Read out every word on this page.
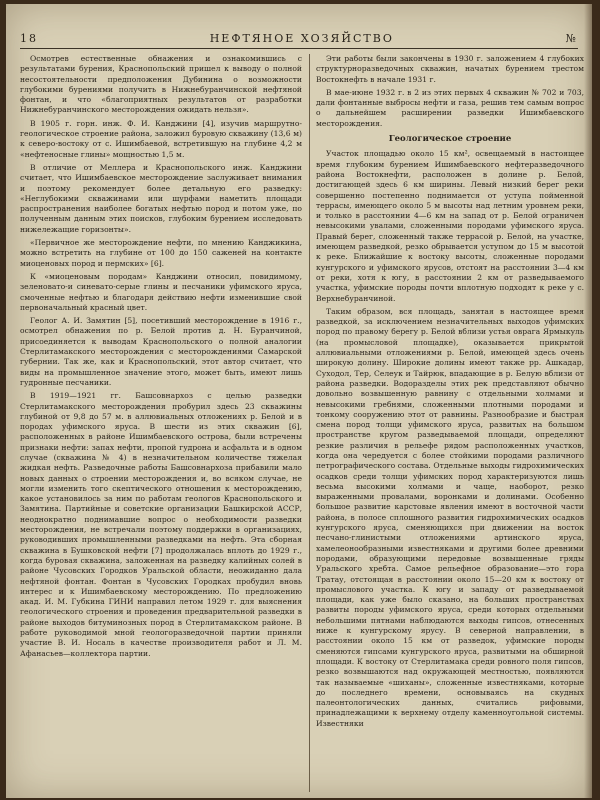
18	НЕФТЯНОЕ ХОЗЯЙСТВО	№

Осмотрев естественные обнажения и ознакомившись с результатами бурения, Краснопольский пришел к выводу о полной несостоятельности предположения Дубинина о возможности глубокими бурениями получить в Нижнебуранчинской нефтяной фонтан, и что «благоприятных результатов от разработки Нижнебуранчинского месторождения ожидать нельзя».

В 1905 г. горн. инж. Ф. И. Канджини [4], изучив маршрутно-геологическое строение района, заложил буровую скважину (13,6 м) к северо-востоку от с. Ишимбаевой, встретившую на глубине 4,2 м «нефтеносные глины» мощностью 1,5 м.

В отличие от Меллера и Краснопольского инж. Канджини считает, что Ишимбаевское месторождение заслуживает внимания и поэтому рекомендует более детальную его разведку: «Неглубокими скважинами или шурфами наметить площади распространения наиболее богатых нефтью пород и потом уже, по полученным данным этих поисков, глубоким бурением исследовать нижележащие горизонты».

«Первичное же месторождение нефти, по мнению Канджикина, можно встретить на глубине от 100 до 150 саженей на контакте миоценовых пород и пермских» [6].

К «миоценовым породам» Канджини относил, повидимому, зеленовато-и синевато-серые глины и песчаники уфимского яруса, смоченные нефтью и благодаря действию нефти изменившие свой первоначальный красный цвет.

Геолог А. И. Замятин [5], посетивший месторождение в 1916 г., осмотрел обнажения по р. Белой против д. Н. Буранчиной, присоединяется к выводам Краснопольского о полной аналогии Стерлитамакского месторождения с месторождениями Самарской губернии. Так же, как и Краснопольский, этот автор считает, что виды на промышленное значение этого, может быть, имеют лишь гудронные песчаники.

В 1919—1921 гг. Башсовнархоз с целью разведки Стерлитамакского месторождения пробурил здесь 23 скважины глубиной от 9,8 до 57 м. в аллювиальных отложениях р. Белой и в породах уфимского яруса. В шести из этих скважин [6], расположенных в районе Ишимбаевского острова, были встречены признаки нефти: запах нефти, пропой гудрона и асфальта и в одном случае (скважина № 4) в незначительном количестве тяжелая жидкая нефть. Разведочные работы Башсовнархоза прибавили мало новых данных о строении месторождения и, во всяком случае, не могли изменить того скептического отношения к месторождению, какое установилось за ним по работам геологов Краснопольского и Замятина. Партийные и советские организации Башкирской АССР, неоднократно поднимавшие вопрос о необходимости разведки месторождения, не встречали поэтому поддержки в организациях, руководивших промышленными разведками на нефть. Эта сборная скважина в Бушковской нефти [7] продолжалась вплоть до 1929 г., когда буровая скважина, заложенная на разведку калийных солей в районе Чусовских Городков Уральской области, неожиданно дала нефтяной фонтан. Фонтан в Чусовских Городках пробудил вновь интерес и к Ишимбаевскому месторождению. По предложению акад. И. М. Губкина ГИНИ направил летом 1929 г. для выяснения геологического строения и проведения предварительной разведки в районе выходов битуминозных пород в Стерлитамакском районе. В работе руководимой мной геологоразведочной партии приняли участие В. И. Носаль в качестве производителя работ и Л. М. Афанасьев—коллектора партии.

Эти работы были закончены в 1930 г. заложением 4 глубоких структурноразведочных скважин, начатых бурением трестом Востокнефть в начале 1931 г.

В мае-июне 1932 г. в 2 из этих первых 4 скважин № 702 и 703, дали фонтанные выбросы нефти и газа, решив тем самым вопрос о дальнейшем расширении разведки Ишимбаевского месторождения.

Геологическое строение

Участок площадью около 15 км², освещаемый в настоящее время глубоким бурением Ишимбаевского нефтеразведочного района Востокнефти, расположен в долине р. Белой, достигающей здесь 6 км ширины. Левый низкий берег реки совершенно постепенно поднимается от уступа пойменной террасы, имеющего около 5 м высоты над летним уровнем реки, и только в расстоянии 4—6 км на запад от р. Белой ограничен невысокими увалами, сложенными породами уфимского яруса. Правый берег, сложенный также террасой р. Белой, на участке, имеющем разведкой, резко обрывается уступом до 15 м высотой к реке. Ближайшие к востоку высоты, сложенные породами кунгурского и уфимского ярусов, отстоят на расстоянии 3—4 км от реки, хотя к югу, в расстоянии 2 км от разведываемого участка, уфимские породы почти вплотную подходят к реке у с. Верхнебуранчиной.

Таким образом, вся площадь, занятая в настоящее время разведкой, за исключением незначительных выходов уфимских пород по правому берегу р. Белой вблизи устья оврага Ярмыкуль (на промысловой площадке), оказывается прикрытой аллювиальными отложениями р. Белой, имеющей здесь очень широкую долину. Широкие долины имеют также рр. Ашкадар, Суходол, Тер, Селеук и Тайрюк, впадающие в р. Белую вблизи от района разведки. Водоразделы этих рек представляют обычно довольно возвышенную равнину с отдельными холмами и невысокими гребнями, сложенными плотными породами и тонкому сооружению этот от равнины. Разнообразие и быстрая смена пород толщи уфимского яруса, развитых на большом пространстве кругом разведываемой площади, определяют резкие различия в рельефе рядом расположенных участков, когда она чередуется с более стойкими породами различного петрографического состава. Отдельные выходы гидрохимических осадков среди толщи уфимских пород характеризуются лишь весьма высокими холмами и чаще, наоборот, резко выраженными провалами, воронками и долинами. Особенно большое развитие карстовые явления имеют в восточной части района, в полосе сплошного развития гидрохимических осадков кунгурского яруса, сменяющихся при движении на восток песчано-глинистыми отложениями артинского яруса, хамелеонообразными известняками и другими более древними породами, образующими передовые возвышенные гряды Уральского хребта. Самое рельефное образование—это гора Тратау, отстоящая в расстоянии около 15—20 км к востоку от промыслового участка. К югу и западу от разведываемой площади, как уже было сказано, на больших пространствах развиты породы уфимского яруса, среди которых отдельными небольшими пятнами наблюдаются выходы гипсов, отнесенных ниже к кунгурскому ярусу. В северной направлении, в расстоянии около 15 км от разведок, уфимские породы сменяются гипсами кунгурского яруса, развитыми на обширной площади. К востоку от Стерлитамака среди ровного поля гипсов, резко возвышаются над окружающей местностью, появляются так называемые «шиханы», сложенные известняками, которые до последнего времени, основываясь на скудных палеонтологических данных, считались рифовыми, принадлежащими к верхнему отделу каменноугольной системы. Известняки
